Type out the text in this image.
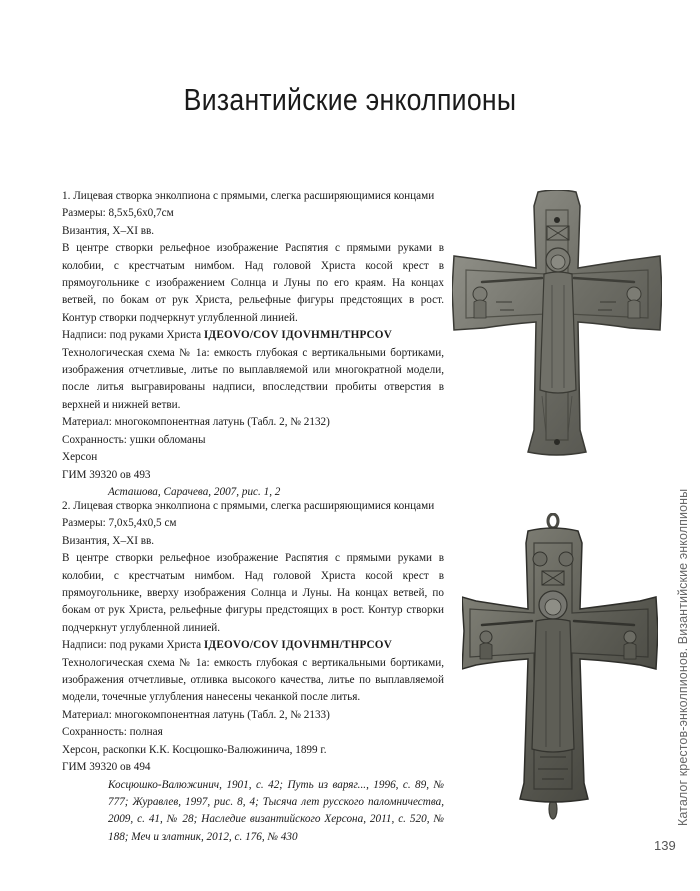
Византийские энколпионы
1. Лицевая створка энколпиона с прямыми, слегка расширяющимися концами
Размеры: 8,5х5,6х0,7см
Византия, X–XI вв.
В центре створки рельефное изображение Распятия с прямыми руками в колобии, с крестчатым нимбом. Над головой Христа косой крест в прямоугольнике с изображением Солнца и Луны по его краям. На концах ветвей, по бокам от рук Христа, рельефные фигуры предстоящих в рост. Контур створки подчеркнут углубленной линией.
Надписи: под руками Христа IДEOVO/COV IДOVHMH/THPCOV
Технологическая схема № 1а: емкость глубокая с вертикальными бортиками, изображения отчетливые, литье по выплавляемой или многократной модели, после литья выгравированы надписи, впоследствии пробиты отверстия в верхней и нижней ветви.
Материал: многокомпонентная латунь (Табл. 2, № 2132)
Сохранность: ушки обломаны
Херсон
ГИМ 39320 ов 493
Асташова, Сарачева, 2007, рис. 1, 2
2. Лицевая створка энколпиона с прямыми, слегка расширяющимися концами
Размеры: 7,0х5,4х0,5 см
Византия, X–XI вв.
В центре створки рельефное изображение Распятия с прямыми руками в колобии, с крестчатым нимбом. Над головой Христа косой крест в прямоугольнике, вверху изображения Солнца и Луны. На концах ветвей, по бокам от рук Христа, рельефные фигуры предстоящих в рост. Контур створки подчеркнут углубленной линией.
Надписи: под руками Христа IДEOVO/COV IДOVHMH/THPCOV
Технологическая схема № 1а: емкость глубокая с вертикальными бортиками, изображения отчетливые, отливка высокого качества, литье по выплавляемой модели, точечные углубления нанесены чеканкой после литья.
Материал: многокомпонентная латунь (Табл. 2, № 2133)
Сохранность: полная
Херсон, раскопки К.К. Косцюшко-Валюжинича, 1899 г.
ГИМ 39320 ов 494
Косцюшко-Валюжинич, 1901, с. 42; Путь из варяг..., 1996, с. 89, № 777; Журавлев, 1997, рис. 8, 4; Тысяча лет русского паломничества, 2009, с. 41, № 28; Наследие византийского Херсона, 2011, с. 520, № 188; Меч и златник, 2012, с. 176, № 430
Каталог крестов-энколпионов. Византийские энколпионы
139
